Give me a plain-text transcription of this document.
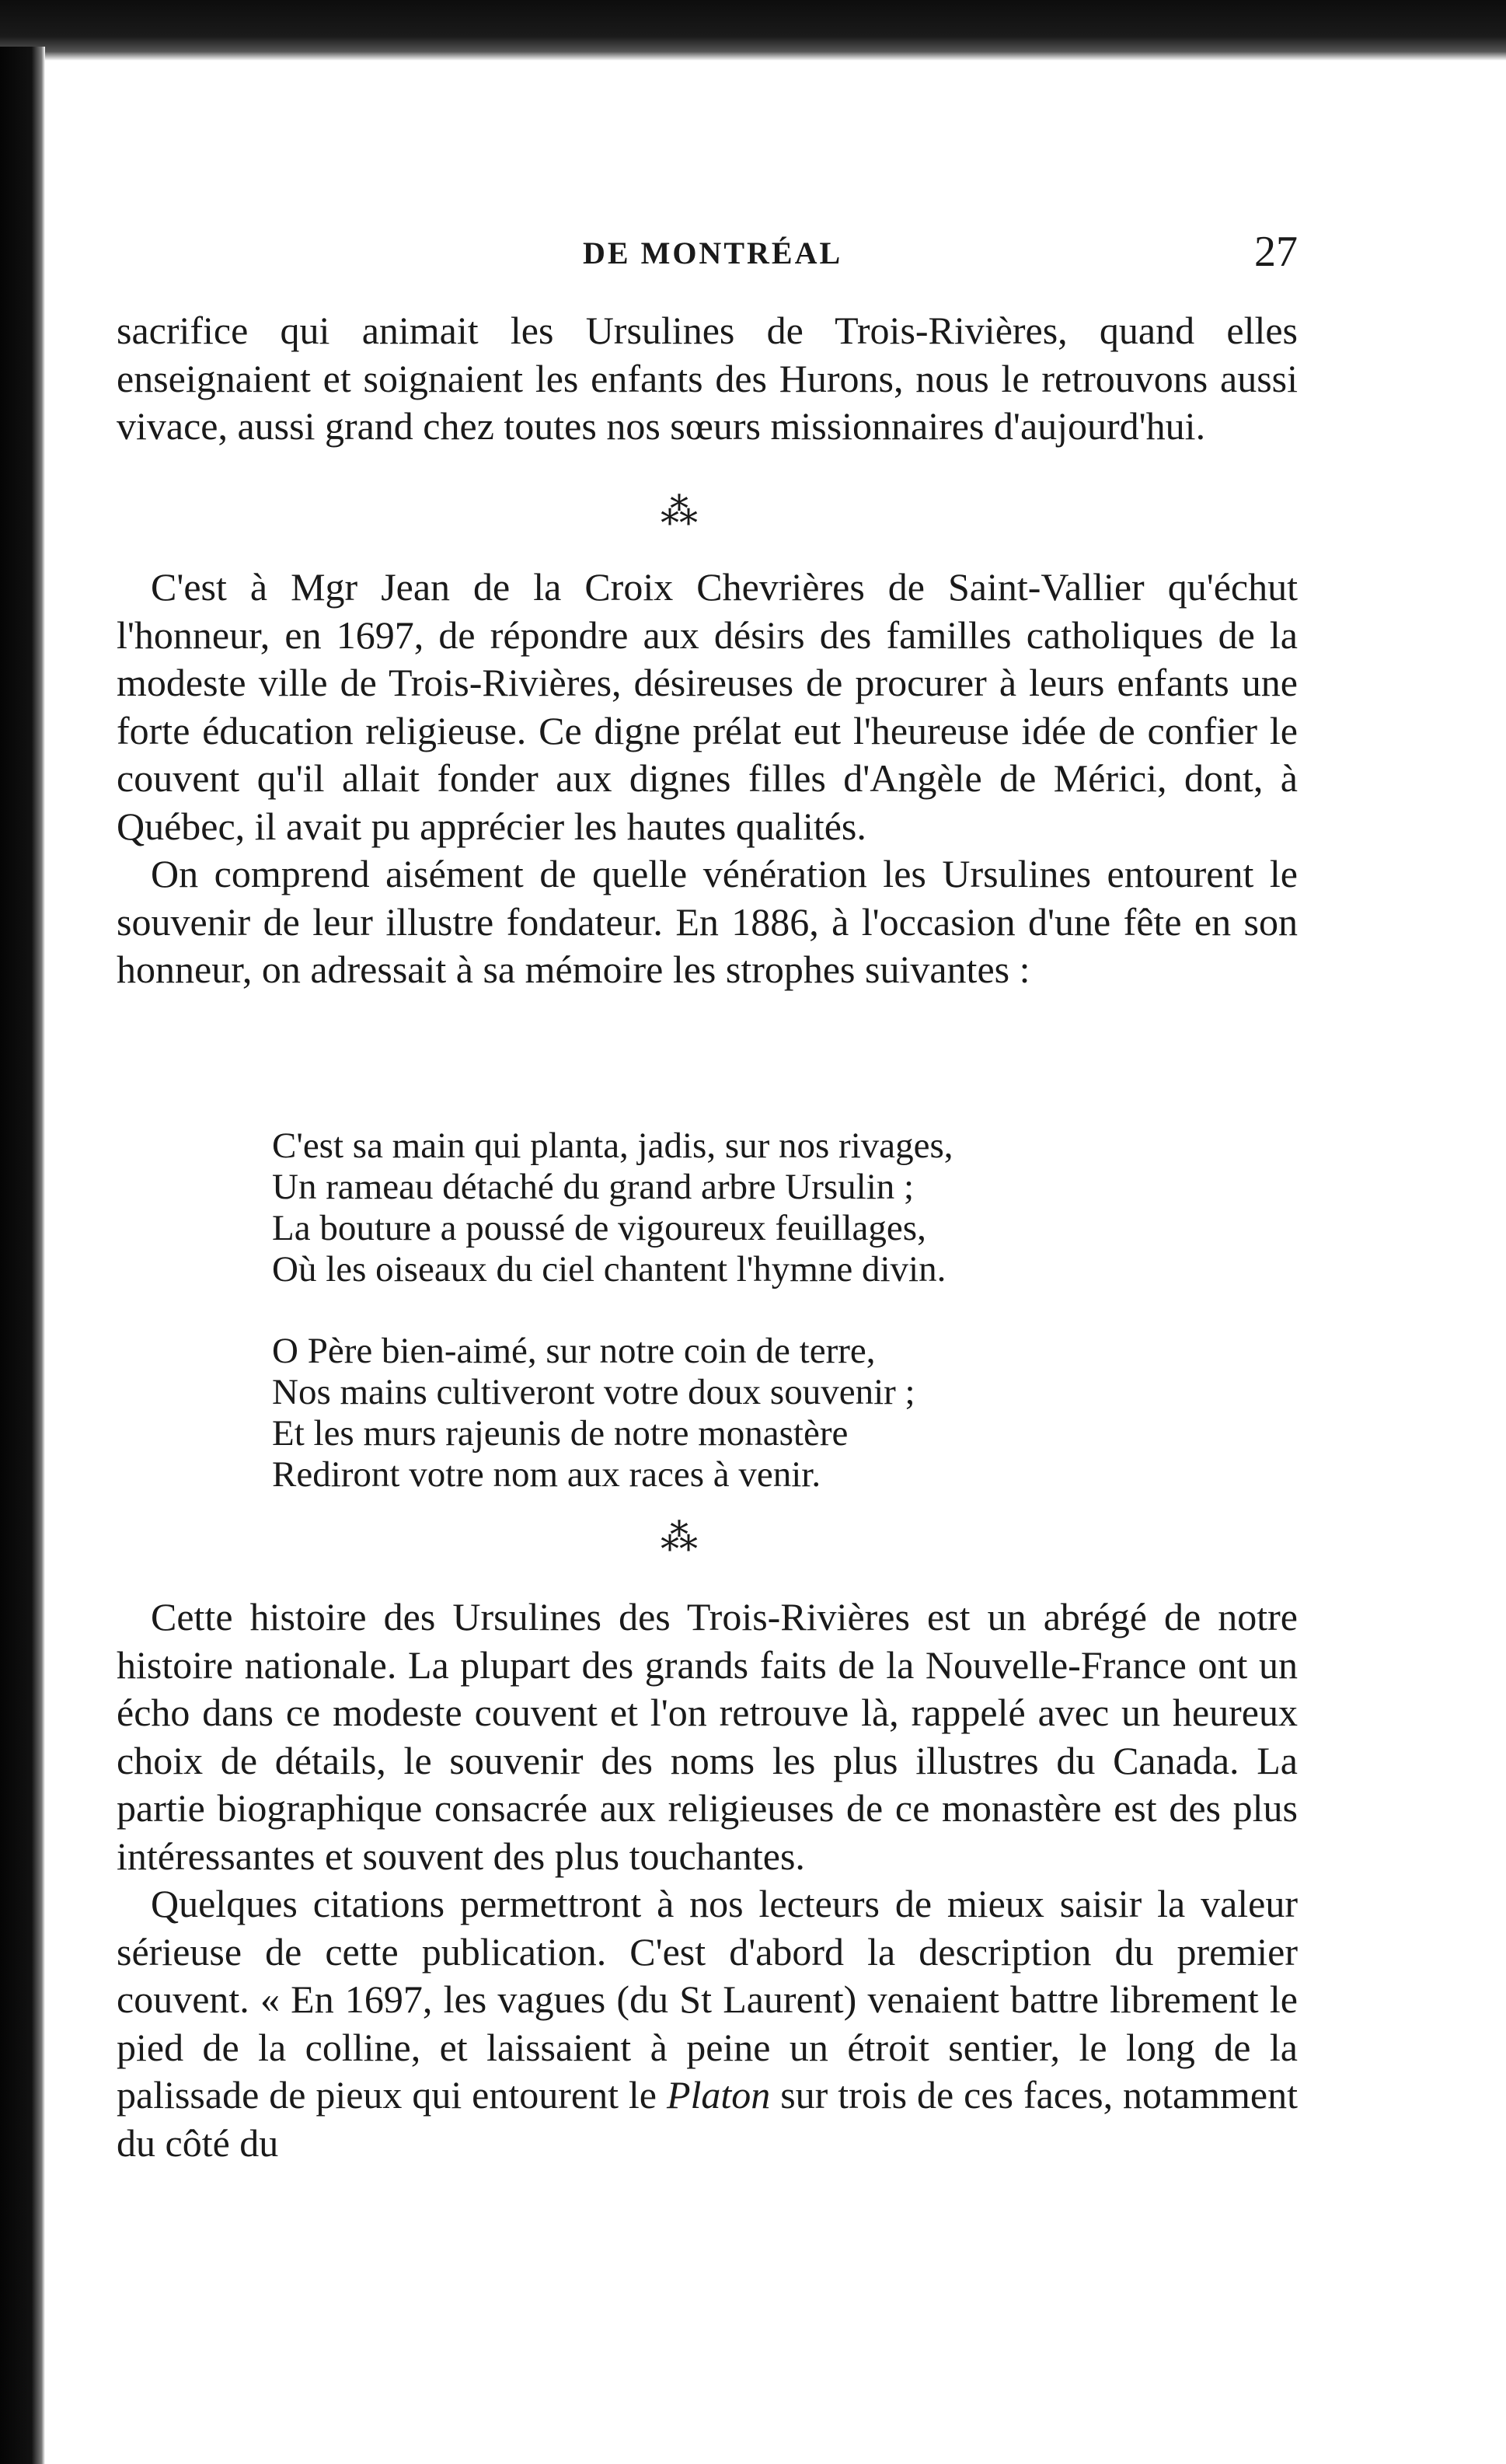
DE MONTRÉAL	27

sacrifice qui animait les Ursulines de Trois-Rivières, quand elles enseignaient et soignaient les enfants des Hurons, nous le retrouvons aussi vivace, aussi grand chez toutes nos sœurs missionnaires d'aujourd'hui.

⁂

C'est à Mgr Jean de la Croix Chevrières de Saint-Vallier qu'échut l'honneur, en 1697, de répondre aux désirs des familles catholiques de la modeste ville de Trois-Rivières, désireuses de procurer à leurs enfants une forte éducation religieuse. Ce digne prélat eut l'heureuse idée de confier le couvent qu'il allait fonder aux dignes filles d'Angèle de Mérici, dont, à Québec, il avait pu apprécier les hautes qualités.

On comprend aisément de quelle vénération les Ursulines entourent le souvenir de leur illustre fondateur. En 1886, à l'occasion d'une fête en son honneur, on adressait à sa mémoire les strophes suivantes :

C'est sa main qui planta, jadis, sur nos rivages,
Un rameau détaché du grand arbre Ursulin ;
La bouture a poussé de vigoureux feuillages,
Où les oiseaux du ciel chantent l'hymne divin.
O Père bien-aimé, sur notre coin de terre,
Nos mains cultiveront votre doux souvenir ;
Et les murs rajeunis de notre monastère
Rediront votre nom aux races à venir.
⁂

Cette histoire des Ursulines des Trois-Rivières est un abrégé de notre histoire nationale. La plupart des grands faits de la Nouvelle-France ont un écho dans ce modeste couvent et l'on retrouve là, rappelé avec un heureux choix de détails, le souvenir des noms les plus illustres du Canada. La partie biographique consacrée aux religieuses de ce monastère est des plus intéressantes et souvent des plus touchantes.

Quelques citations permettront à nos lecteurs de mieux saisir la valeur sérieuse de cette publication. C'est d'abord la description du premier couvent. « En 1697, les vagues (du St Laurent) venaient battre librement le pied de la colline, et laissaient à peine un étroit sentier, le long de la palissade de pieux qui entourent le Platon sur trois de ces faces, notamment du côté du
